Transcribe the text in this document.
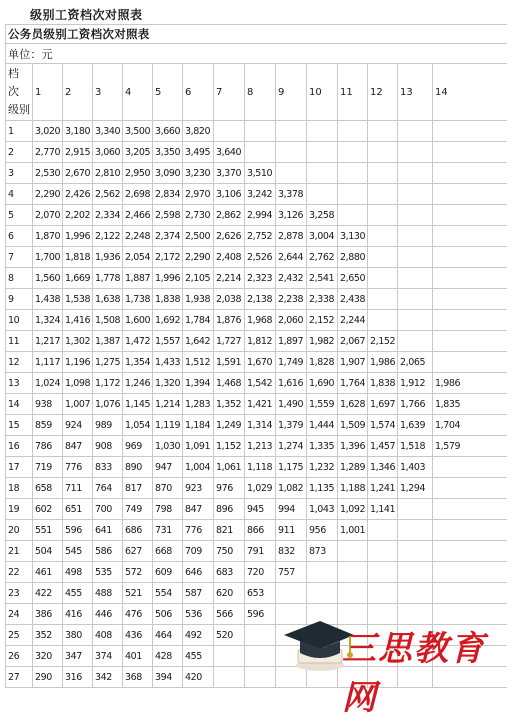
级别工资档次对照表
公务员级别工资档次对照表														
单位：元														

档
次
级别	1	2	3	4	5	6	7	8	9	10	11	12	13	14
1	3,020	3,180	3,340	3,500	3,660	3,820								
2	2,770	2,915	3,060	3,205	3,350	3,495	3,640							
3	2,530	2,670	2,810	2,950	3,090	3,230	3,370	3,510						
4	2,290	2,426	2,562	2,698	2,834	2,970	3,106	3,242	3,378					
5	2,070	2,202	2,334	2,466	2,598	2,730	2,862	2,994	3,126	3,258				
6	1,870	1,996	2,122	2,248	2,374	2,500	2,626	2,752	2,878	3,004	3,130			
7	1,700	1,818	1,936	2,054	2,172	2,290	2,408	2,526	2,644	2,762	2,880			
8	1,560	1,669	1,778	1,887	1,996	2,105	2,214	2,323	2,432	2,541	2,650			
9	1,438	1,538	1,638	1,738	1,838	1,938	2,038	2,138	2,238	2,338	2,438			
10	1,324	1,416	1,508	1,600	1,692	1,784	1,876	1,968	2,060	2,152	2,244			
11	1,217	1,302	1,387	1,472	1,557	1,642	1,727	1,812	1,897	1,982	2,067	2,152		
12	1,117	1,196	1,275	1,354	1,433	1,512	1,591	1,670	1,749	1,828	1,907	1,986	2,065	
13	1,024	1,098	1,172	1,246	1,320	1,394	1,468	1,542	1,616	1,690	1,764	1,838	1,912	1,986
14	938	1,007	1,076	1,145	1,214	1,283	1,352	1,421	1,490	1,559	1,628	1,697	1,766	1,835
15	859	924	989	1,054	1,119	1,184	1,249	1,314	1,379	1,444	1,509	1,574	1,639	1,704
16	786	847	908	969	1,030	1,091	1,152	1,213	1,274	1,335	1,396	1,457	1,518	1,579
17	719	776	833	890	947	1,004	1,061	1,118	1,175	1,232	1,289	1,346	1,403	
18	658	711	764	817	870	923	976	1,029	1,082	1,135	1,188	1,241	1,294	
19	602	651	700	749	798	847	896	945	994	1,043	1,092	1,141		
20	551	596	641	686	731	776	821	866	911	956	1,001			
21	504	545	586	627	668	709	750	791	832	873				
22	461	498	535	572	609	646	683	720	757					
23	422	455	488	521	554	587	620	653						
24	386	416	446	476	506	536	566	596						
25	352	380	408	436	464	492	520							
26	320	347	374	401	428	455								
27	290	316	342	368	394	420								
三思教育网
